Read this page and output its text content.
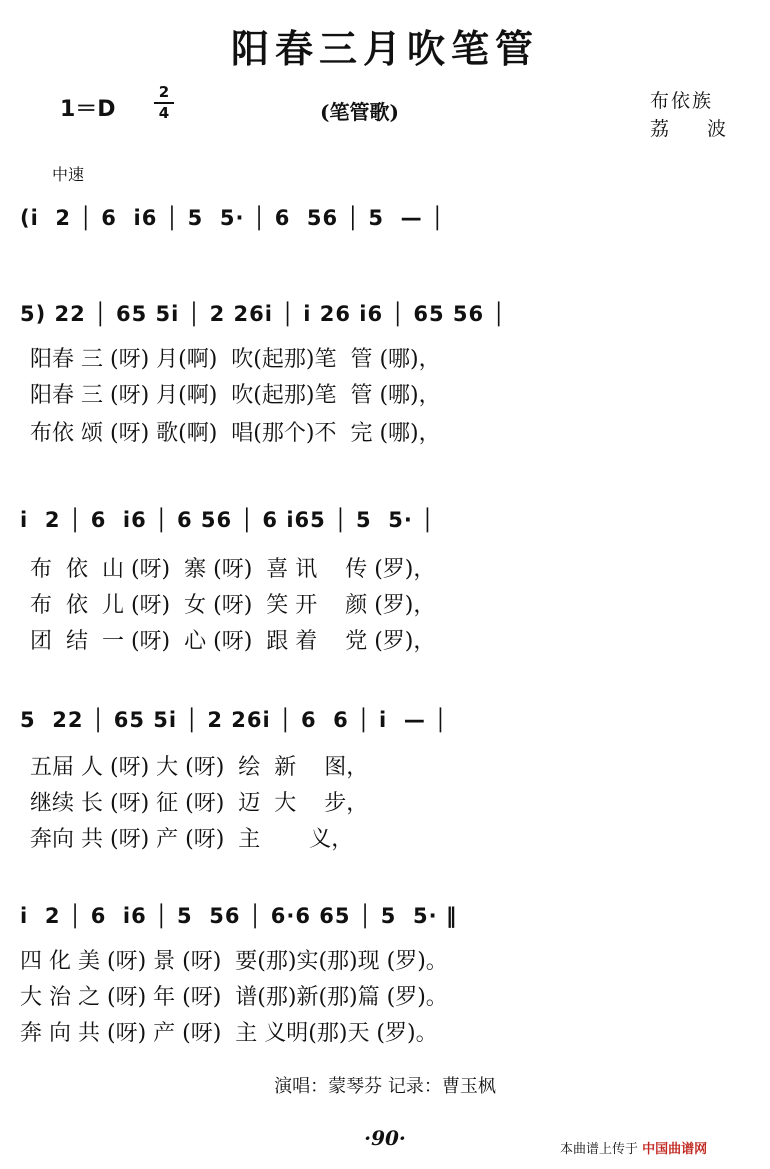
阳春三月吹笔管
1＝D
2
4	(笔管歌)	布依族
荔 波
中速
(i  2 │ 6  i6 │ 5  5· │ 6  56 │ 5  — │
5) 22 │ 65 5i │ 2 26i │ i 26 i6 │ 65 56 │
阳春 三 (呀) 月(啊)  吹(起那)笔  管 (哪)，
阳春 三 (呀) 月(啊)  吹(起那)笔  管 (哪)，
布依 颂 (呀) 歌(啊)  唱(那个)不  完 (哪)，
i  2 │ 6  i6 │ 6 56 │ 6 i65 │ 5  5· │
布  依  山 (呀)  寨 (呀)  喜 讯    传 (罗)，
布  依  儿 (呀)  女 (呀)  笑 开    颜 (罗)，
团  结  一 (呀)  心 (呀)  跟 着    党 (罗)，
5  22 │ 65 5i │ 2 26i │ 6  6 │ i  — │
五届 人 (呀) 大 (呀)  绘  新    图，
继续 长 (呀) 征 (呀)  迈  大    步，
奔向 共 (呀) 产 (呀)  主       义，
i  2 │ 6  i6 │ 5  56 │ 6·6 65 │ 5  5· ‖
四 化 美 (呀) 景 (呀)  要(那)实(那)现 (罗)。
大 治 之 (呀) 年 (呀)  谱(那)新(那)篇 (罗)。
奔 向 共 (呀) 产 (呀)  主 义明(那)天 (罗)。
演唱：蒙琴芬 记录：曹玉枫
·90·	本曲谱上传于 中国曲谱网
